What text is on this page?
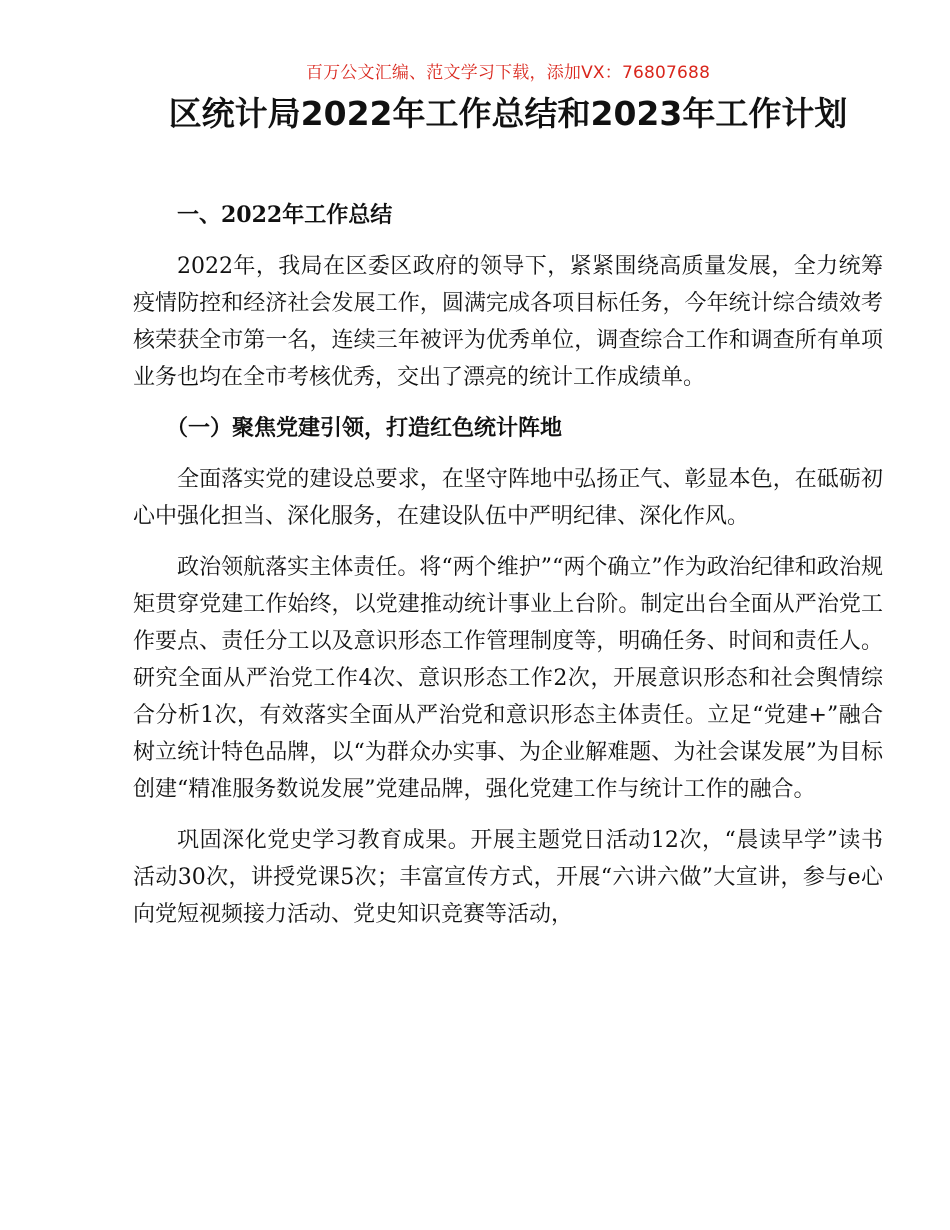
百万公文汇编、范文学习下载，添加VX：76807688
区统计局2022年工作总结和2023年工作计划
一、2022年工作总结

2022年，我局在区委区政府的领导下，紧紧围绕高质量发展，全力统筹疫情防控和经济社会发展工作，圆满完成各项目标任务，今年统计综合绩效考核荣获全市第一名，连续三年被评为优秀单位，调查综合工作和调查所有单项业务也均在全市考核优秀，交出了漂亮的统计工作成绩单。

（一）聚焦党建引领，打造红色统计阵地

全面落实党的建设总要求，在坚守阵地中弘扬正气、彰显本色，在砥砺初心中强化担当、深化服务，在建设队伍中严明纪律、深化作风。

政治领航落实主体责任。将“两个维护”“两个确立”作为政治纪律和政治规矩贯穿党建工作始终，以党建推动统计事业上台阶。制定出台全面从严治党工作要点、责任分工以及意识形态工作管理制度等，明确任务、时间和责任人。研究全面从严治党工作4次、意识形态工作2次，开展意识形态和社会舆情综合分析1次，有效落实全面从严治党和意识形态主体责任。立足“党建+”融合树立统计特色品牌，以“为群众办实事、为企业解难题、为社会谋发展”为目标创建“精准服务数说发展”党建品牌，强化党建工作与统计工作的融合。

巩固深化党史学习教育成果。开展主题党日活动12次，“晨读早学”读书活动30次，讲授党课5次；丰富宣传方式，开展“六讲六做”大宣讲，参与e心向党短视频接力活动、党史知识竞赛等活动，
